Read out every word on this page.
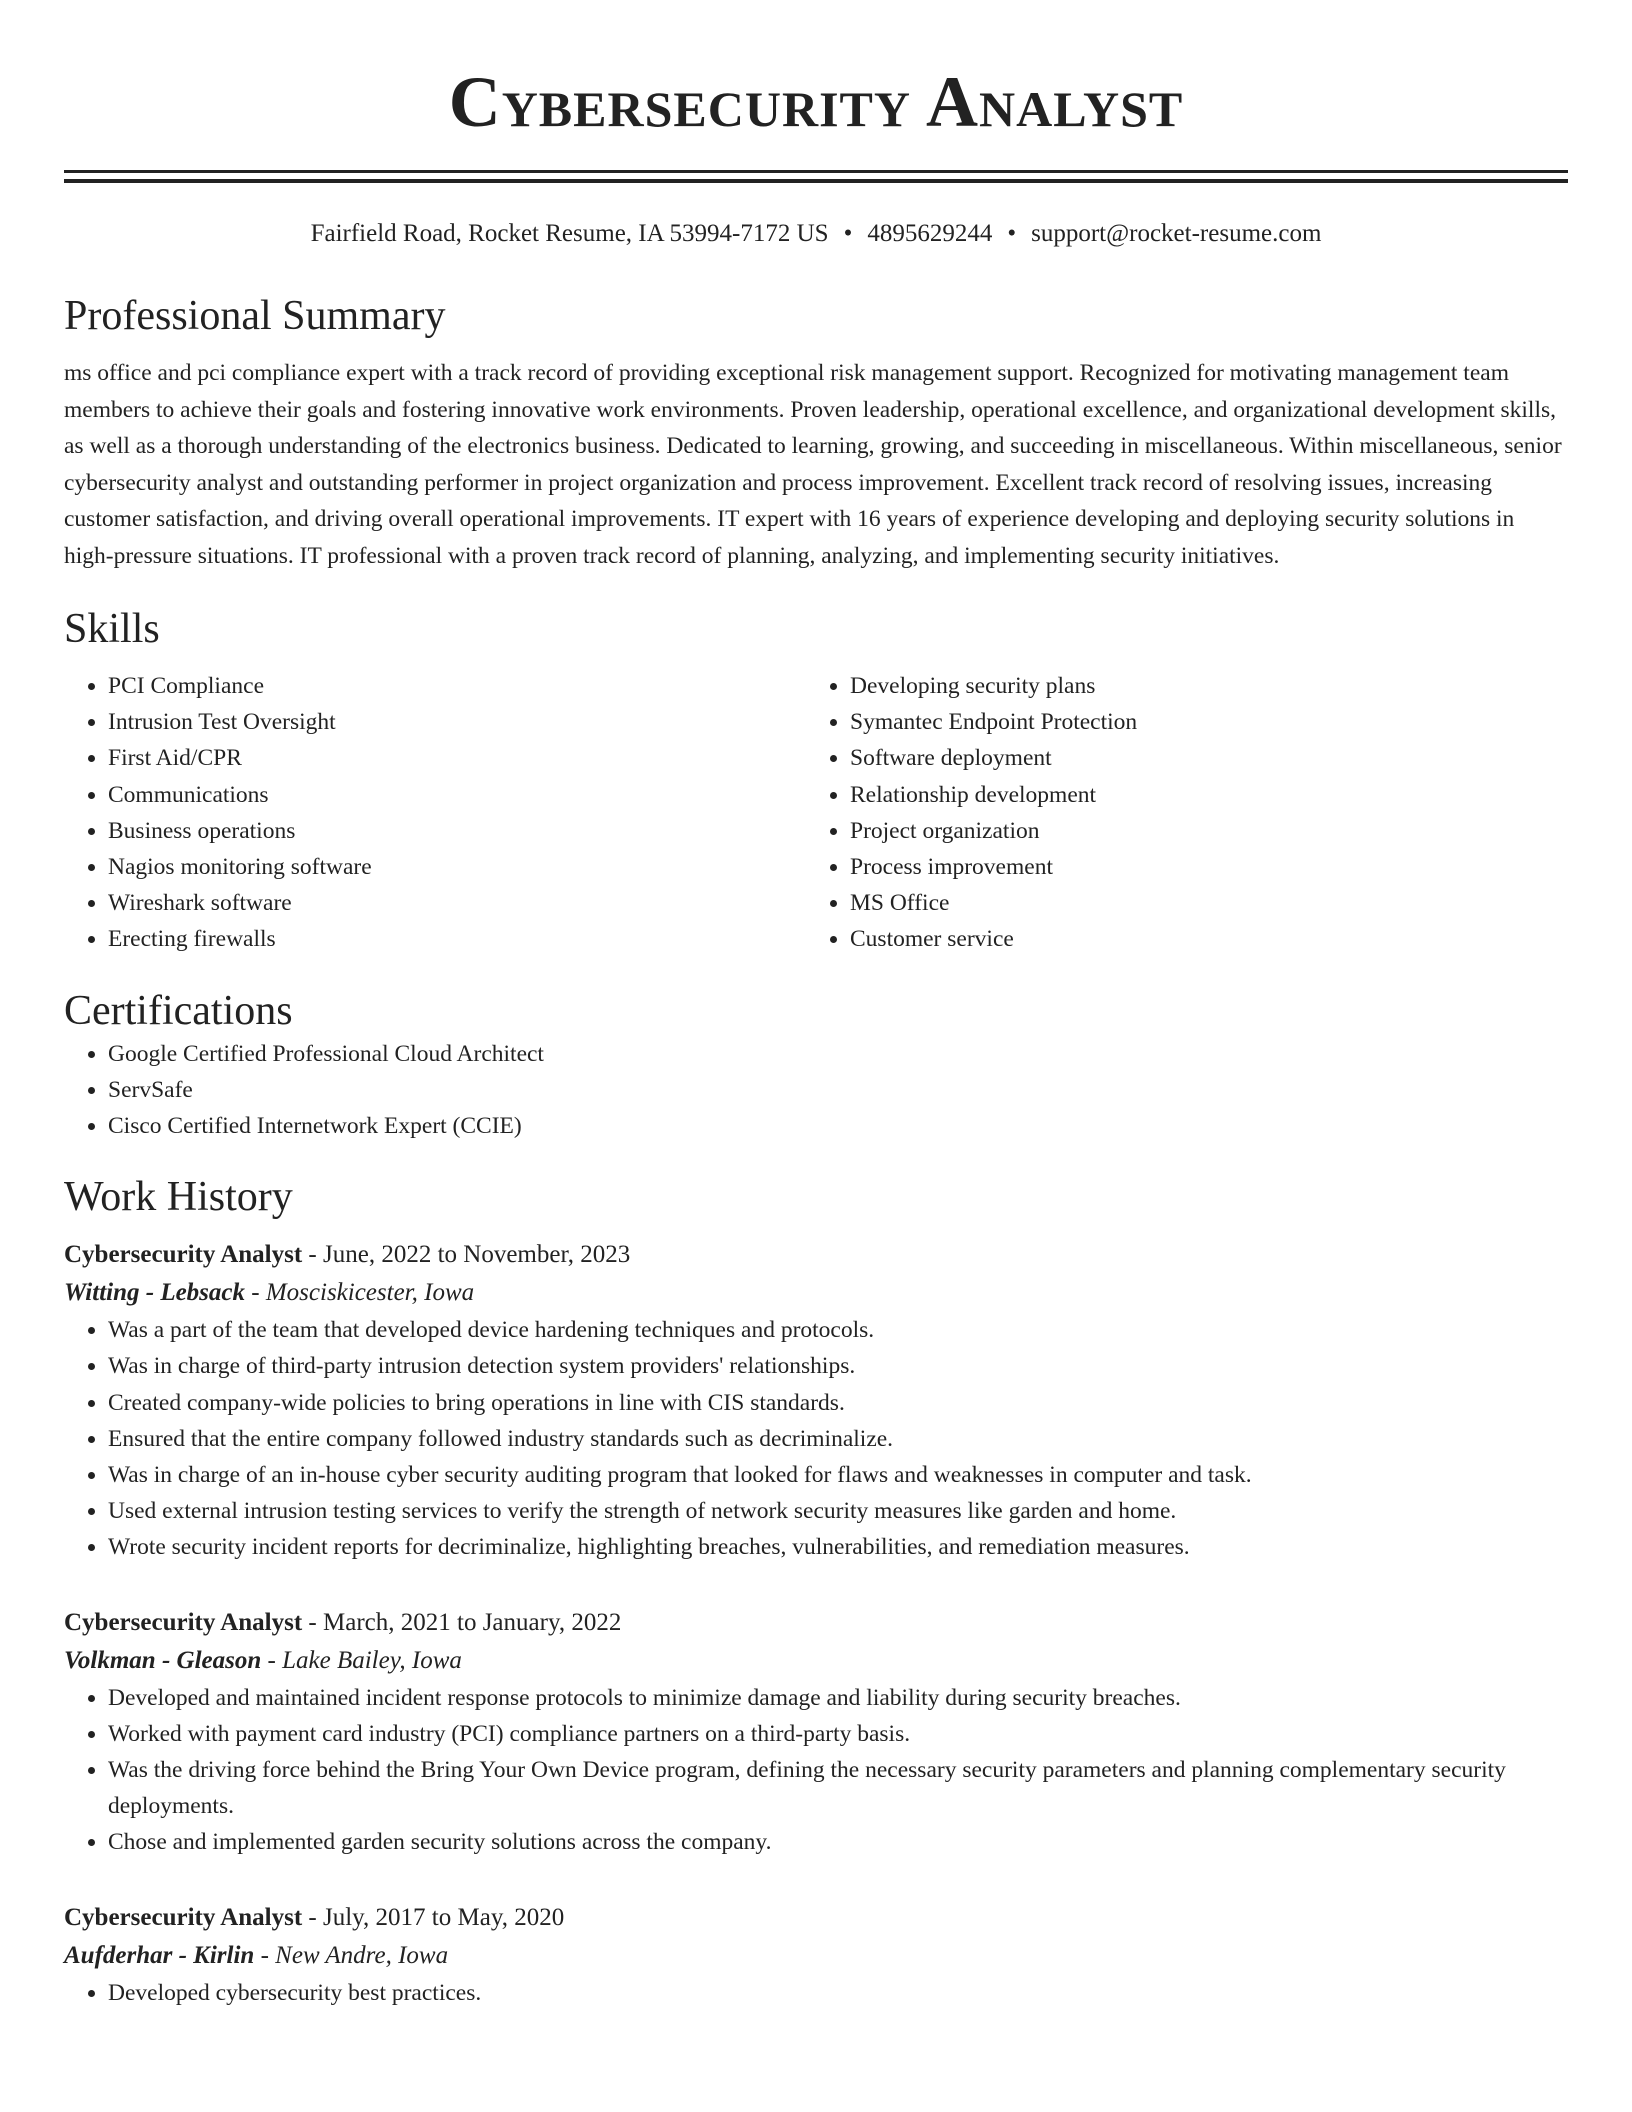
Cybersecurity Analyst
Fairfield Road, Rocket Resume, IA 53994-7172 US • 4895629244 • support@rocket-resume.com
Professional Summary
ms office and pci compliance expert with a track record of providing exceptional risk management support. Recognized for motivating management team members to achieve their goals and fostering innovative work environments. Proven leadership, operational excellence, and organizational development skills, as well as a thorough understanding of the electronics business. Dedicated to learning, growing, and succeeding in miscellaneous. Within miscellaneous, senior cybersecurity analyst and outstanding performer in project organization and process improvement. Excellent track record of resolving issues, increasing customer satisfaction, and driving overall operational improvements. IT expert with 16 years of experience developing and deploying security solutions in high-pressure situations. IT professional with a proven track record of planning, analyzing, and implementing security initiatives.
Skills
• PCI Compliance
• Intrusion Test Oversight
• First Aid/CPR
• Communications
• Business operations
• Nagios monitoring software
• Wireshark software
• Erecting firewalls
• Developing security plans
• Symantec Endpoint Protection
• Software deployment
• Relationship development
• Project organization
• Process improvement
• MS Office
• Customer service
Certifications
• Google Certified Professional Cloud Architect
• ServSafe
• Cisco Certified Internetwork Expert (CCIE)
Work History
Cybersecurity Analyst - June, 2022 to November, 2023
Witting - Lebsack - Mosciskicester, Iowa
• Was a part of the team that developed device hardening techniques and protocols.
• Was in charge of third-party intrusion detection system providers' relationships.
• Created company-wide policies to bring operations in line with CIS standards.
• Ensured that the entire company followed industry standards such as decriminalize.
• Was in charge of an in-house cyber security auditing program that looked for flaws and weaknesses in computer and task.
• Used external intrusion testing services to verify the strength of network security measures like garden and home.
• Wrote security incident reports for decriminalize, highlighting breaches, vulnerabilities, and remediation measures.
Cybersecurity Analyst - March, 2021 to January, 2022
Volkman - Gleason - Lake Bailey, Iowa
• Developed and maintained incident response protocols to minimize damage and liability during security breaches.
• Worked with payment card industry (PCI) compliance partners on a third-party basis.
• Was the driving force behind the Bring Your Own Device program, defining the necessary security parameters and planning complementary security deployments.
• Chose and implemented garden security solutions across the company.
Cybersecurity Analyst - July, 2017 to May, 2020
Aufderhar - Kirlin - New Andre, Iowa
• Developed cybersecurity best practices.
